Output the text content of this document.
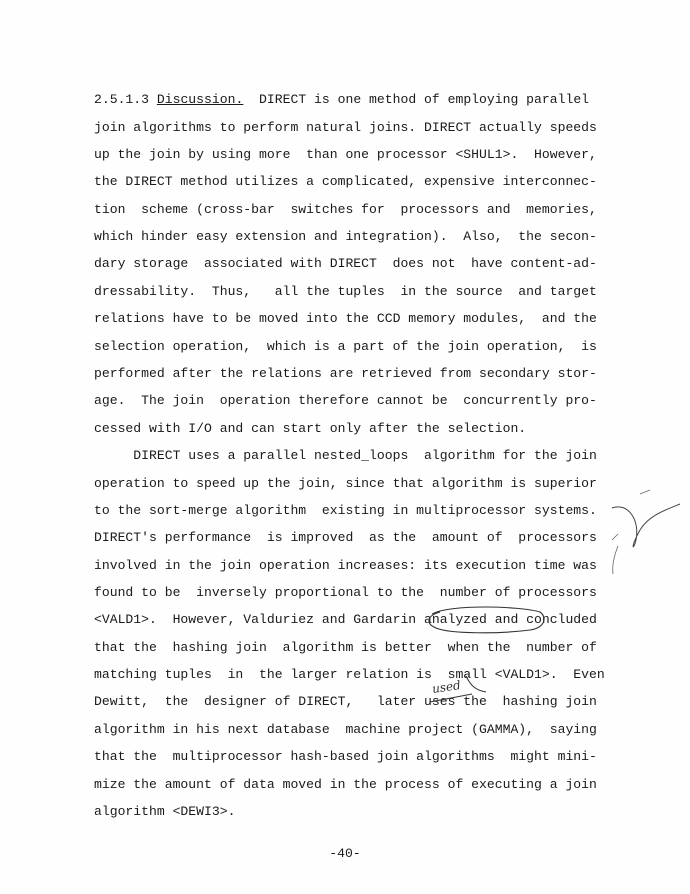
2.5.1.3 Discussion.  DIRECT is one method of employing parallel
join algorithms to perform natural joins. DIRECT actually speeds
up the join by using more  than one processor <SHUL1>.  However,
the DIRECT method utilizes a complicated, expensive interconnec-
tion  scheme (cross-bar  switches for  processors and  memories,
which hinder easy extension and integration).  Also,  the secon-
dary storage  associated with DIRECT  does not  have content-ad-
dressability.  Thus,   all the tuples  in the source  and target
relations have to be moved into the CCD memory modules,  and the
selection operation,  which is a part of the join operation,  is
performed after the relations are retrieved from secondary stor-
age.  The join  operation therefore cannot be  concurrently pro-
cessed with I/O and can start only after the selection.
DIRECT uses a parallel nested_loops  algorithm for the join
operation to speed up the join, since that algorithm is superior
to the sort-merge algorithm  existing in multiprocessor systems.
DIRECT's performance  is improved  as the  amount of  processors
involved in the join operation increases: its execution time was
found to be  inversely proportional to the  number of processors
<VALD1>.  However, Valduriez and Gardarin analyzed and concluded
that the  hashing join  algorithm is better  when the  number of
matching tuples  in  the larger relation is  small <VALD1>.  Even
Dewitt,  the  designer of DIRECT,   later uses the  hashing join
algorithm in his next database  machine project (GAMMA),  saying
that the  multiprocessor hash-based join algorithms  might mini-
mize the amount of data moved in the process of executing a join
algorithm <DEWI3>.
used
-40-
